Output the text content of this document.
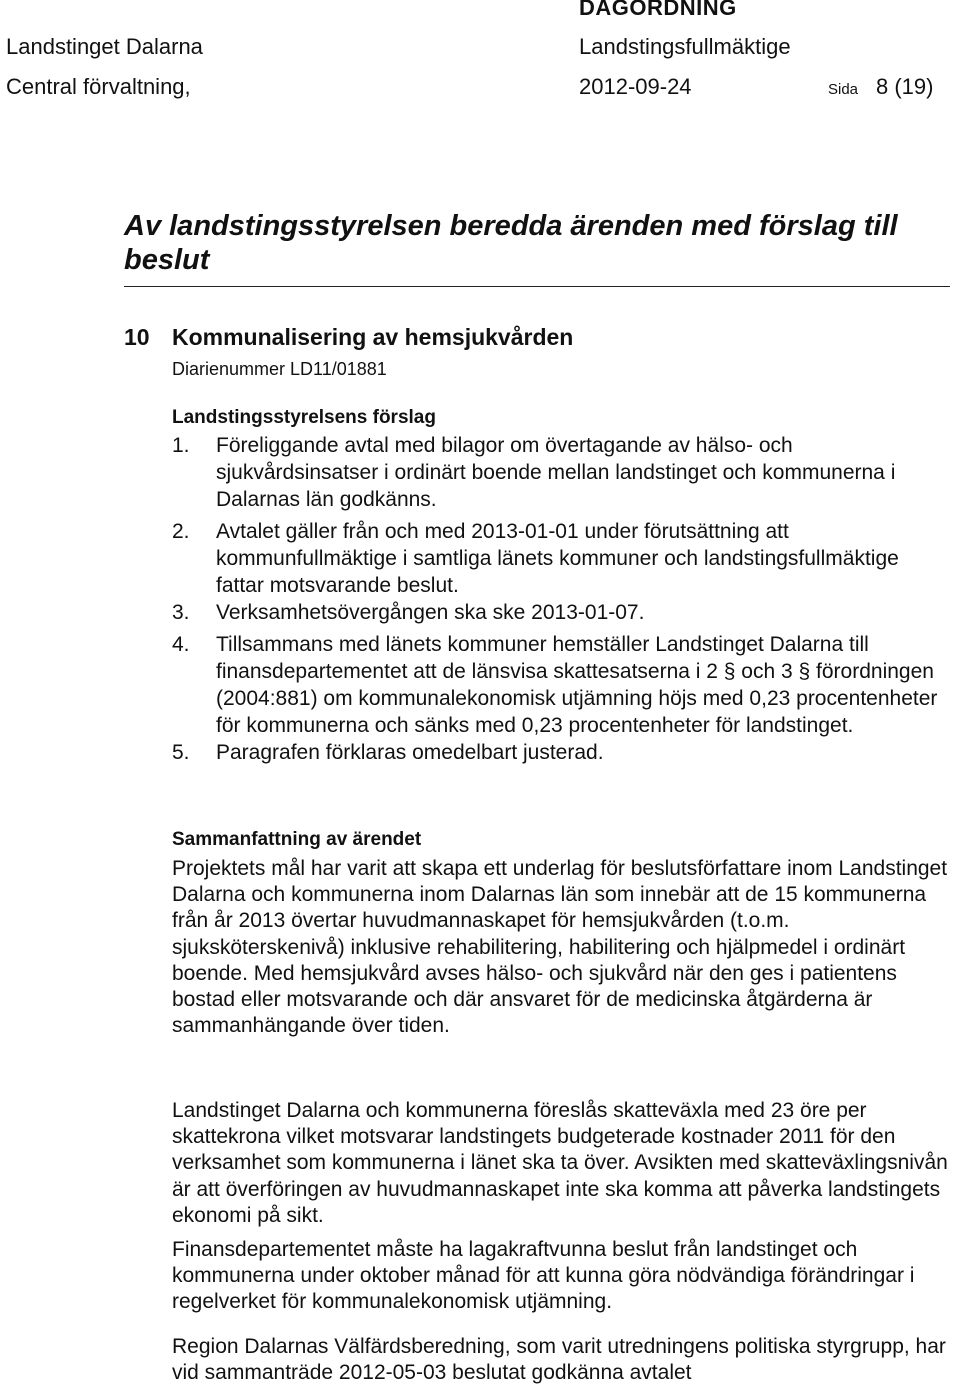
Landstinget Dalarna
Central förvaltning,
DAGORDNING
Landstingsfullmäktige
2012-09-24	Sida 8 (19)
Av landstingsstyrelsen beredda ärenden med förslag till beslut
10 Kommunalisering av hemsjukvården
Diarienummer LD11/01881
Landstingsstyrelsens förslag
1. Föreliggande avtal med bilagor om övertagande av hälso- och sjukvårdsinsatser i ordinärt boende mellan landstinget och kommunerna i Dalarnas län godkänns.
2. Avtalet gäller från och med 2013-01-01 under förutsättning att kommunfullmäktige i samtliga länets kommuner och landstingsfullmäktige fattar motsvarande beslut.
3. Verksamhetsövergången ska ske 2013-01-07.
4. Tillsammans med länets kommuner hemställer Landstinget Dalarna till finansdepartementet att de länsvisa skattesatserna i 2 § och 3 § förordningen (2004:881) om kommunalekonomisk utjämning höjs med 0,23 procentenheter för kommunerna och sänks med 0,23 procentenheter för landstinget.
5. Paragrafen förklaras omedelbart justerad.
Sammanfattning av ärendet

Projektets mål har varit att skapa ett underlag för beslutsförfattare inom Landstinget Dalarna och kommunerna inom Dalarnas län som innebär att de 15 kommunerna från år 2013 övertar huvudmannaskapet för hemsjukvården (t.o.m. sjuksköterskenivå) inklusive rehabilitering, habilitering och hjälpmedel i ordinärt boende. Med hemsjukvård avses hälso- och sjukvård när den ges i patientens bostad eller motsvarande och där ansvaret för de medicinska åtgärderna är sammanhängande över tiden.

Landstinget Dalarna och kommunerna föreslås skatteväxla med 23 öre per skattekrona vilket motsvarar landstingets budgeterade kostnader 2011 för den verksamhet som kommunerna i länet ska ta över. Avsikten med skatteväxlingsnivån är att överföringen av huvudmannaskapet inte ska komma att påverka landstingets ekonomi på sikt.

Finansdepartementet måste ha lagakraftvunna beslut från landstinget och kommunerna under oktober månad för att kunna göra nödvändiga förändringar i regelverket för kommunalekonomisk utjämning.

Region Dalarnas Välfärdsberedning, som varit utredningens politiska styrgrupp, har vid sammanträde 2012-05-03 beslutat godkänna avtalet
